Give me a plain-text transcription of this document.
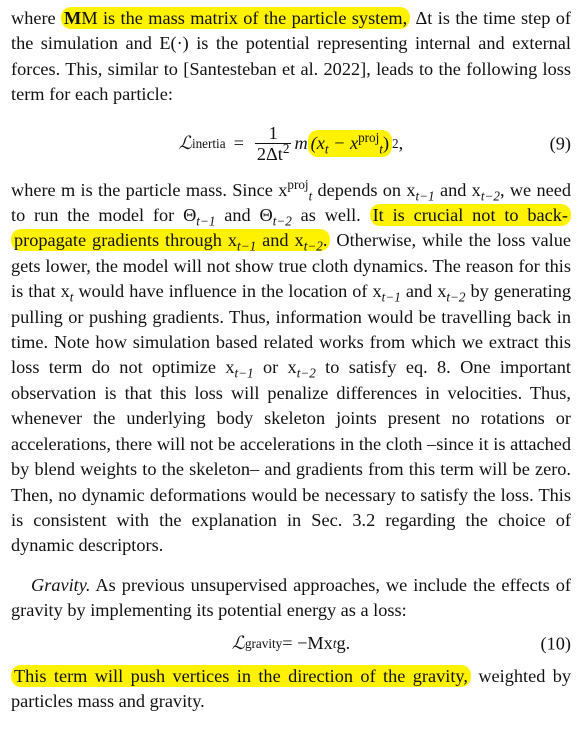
where MM is the mass matrix of the particle system, Δt is the time step of the simulation and E(·) is the potential representing internal and external forces. This, similar to [Santesteban et al. 2022], leads to the following loss term for each particle:

ℒ inertia = $\frac{1}{2\Delta t^2}$ m $(x_t - x^{proj}_t)$ 2 ,	(9)

where m is the particle mass. Since $x^{proj}_t$ depends on $x_{t-1}$ and $x_{t-2}$, we need to run the model for $\Theta_{t-1}$ and $\Theta_{t-2}$ as well. It is crucial not to back-propagate gradients through $x_{t-1}$ and $x_{t-2}$. Otherwise, while the loss value gets lower, the model will not show true cloth dynamics. The reason for this is that $x_t$ would have influence in the location of $x_{t-1}$ and $x_{t-2}$ by generating pulling or pushing gradients. Thus, information would be travelling back in time. Note how simulation based related works from which we extract this loss term do not optimize $x_{t-1}$ or $x_{t-2}$ to satisfy eq. 8. One important observation is that this loss will penalize differences in velocities. Thus, whenever the underlying body skeleton joints present no rotations or accelerations, there will not be accelerations in the cloth –since it is attached by blend weights to the skeleton– and gradients from this term will be zero. Then, no dynamic deformations would be necessary to satisfy the loss. This is consistent with the explanation in Sec. 3.2 regarding the choice of dynamic descriptors.

Gravity. As previous unsupervised approaches, we include the effects of gravity by implementing its potential energy as a loss:

ℒ gravity = −Mx t g.	(10)

This term will push vertices in the direction of the gravity, weighted by particles mass and gravity.
